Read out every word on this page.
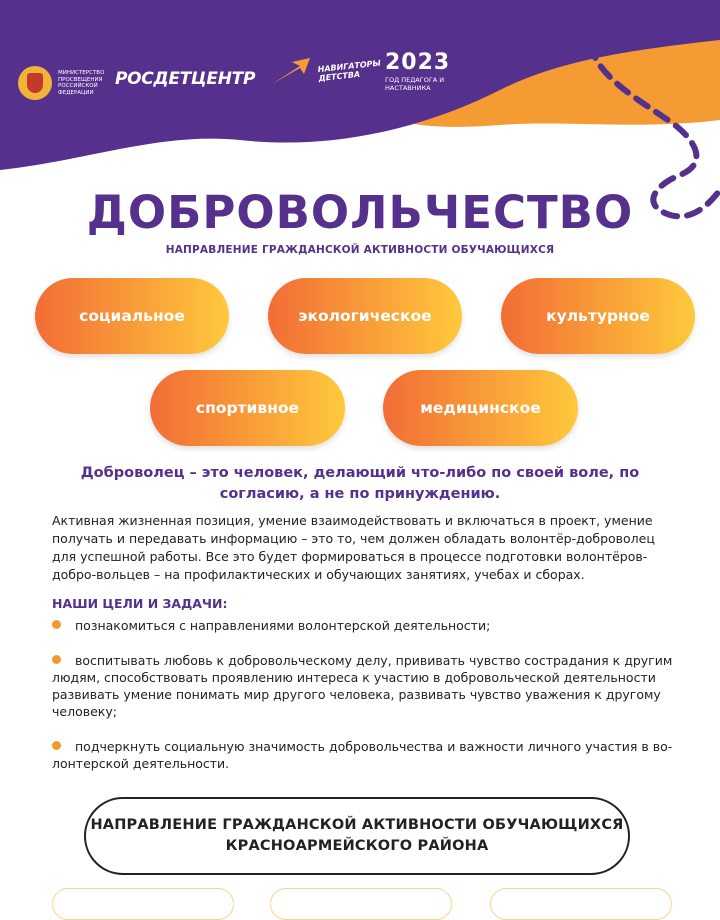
МИНИСТЕРСТВО ПРОСВЕЩЕНИЯ РОССИЙСКОЙ ФЕДЕРАЦИИ
РОСДЕТЦЕНТР
НАВИГАТОРЫ ДЕТСТВА
2023
ГОД ПЕДАГОГА И НАСТАВНИКА
ДОБРОВОЛЬЧЕСТВО
НАПРАВЛЕНИЕ ГРАЖДАНСКОЙ АКТИВНОСТИ ОБУЧАЮЩИХСЯ
социальное	экологическое	культурное
спортивное	медицинское

Доброволец – это человек, делающий что-либо по своей воле, по согласию, а не по принуждению.

Активная жизненная позиция, умение взаимодействовать и включаться в проект, умение получать и передавать информацию – это то, чем должен обладать волонтёр-доброволец для успешной работы. Все это будет формироваться в процессе подготовки волонтёров-добро-вольцев – на профилактических и обучающих занятиях, учебах и сборах.

НАШИ ЦЕЛИ И ЗАДАЧИ:

познакомиться с направлениями волонтерской деятельности;

воспитывать любовь к добровольческому делу, прививать чувство сострадания к другим людям, способствовать проявлению интереса к участию в добровольческой деятельности развивать умение понимать мир другого человека, развивать чувство уважения к другому человеку;

подчеркнуть социальную значимость добровольчества и важности личного участия в во-лонтерской деятельности.

НАПРАВЛЕНИЕ ГРАЖДАНСКОЙ АКТИВНОСТИ ОБУЧАЮЩИХСЯ
КРАСНОАРМЕЙСКОГО РАЙОНА
